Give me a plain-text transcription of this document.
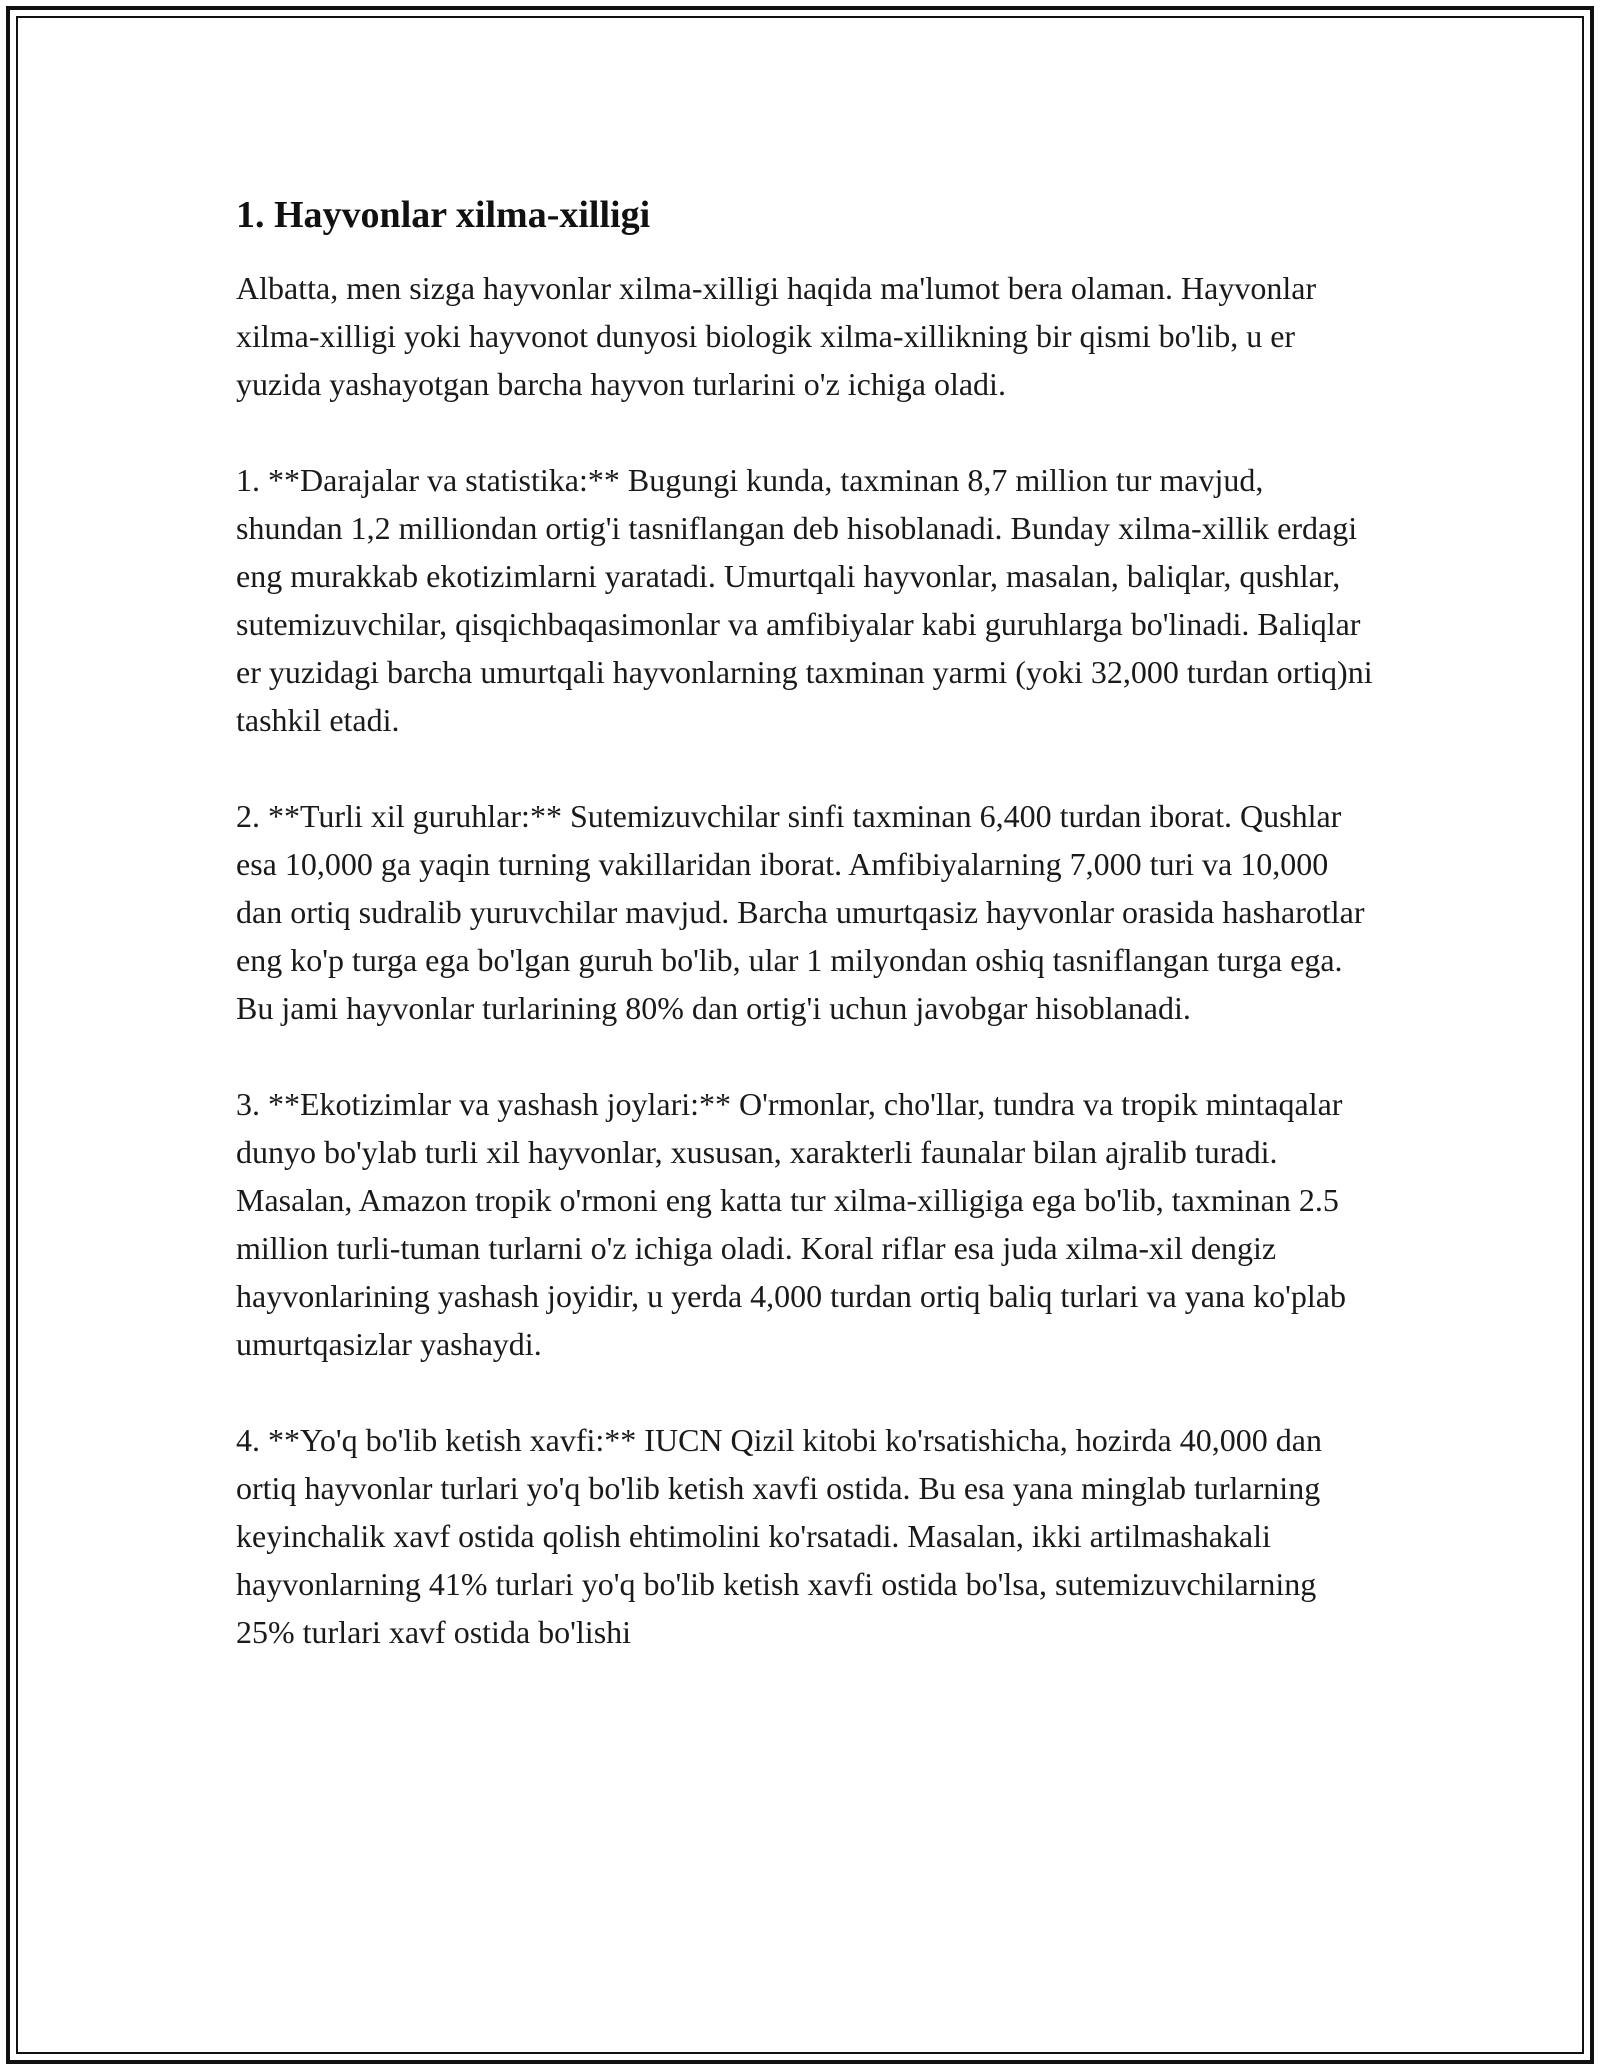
1. Hayvonlar xilma-xilligi

Albatta, men sizga hayvonlar xilma-xilligi haqida ma'lumot bera olaman. Hayvonlar xilma-xilligi yoki hayvonot dunyosi biologik xilma-xillikning bir qismi bo'lib, u er yuzida yashayotgan barcha hayvon turlarini o'z ichiga oladi.

1. **Darajalar va statistika:** Bugungi kunda, taxminan 8,7 million tur mavjud, shundan 1,2 milliondan ortig'i tasniflangan deb hisoblanadi. Bunday xilma-xillik erdagi eng murakkab ekotizimlarni yaratadi. Umurtqali hayvonlar, masalan, baliqlar, qushlar, sutemizuvchilar, qisqichbaqasimonlar va amfibiyalar kabi guruhlarga bo'linadi. Baliqlar er yuzidagi barcha umurtqali hayvonlarning taxminan yarmi (yoki 32,000 turdan ortiq)ni tashkil etadi.

2. **Turli xil guruhlar:** Sutemizuvchilar sinfi taxminan 6,400 turdan iborat. Qushlar esa 10,000 ga yaqin turning vakillaridan iborat. Amfibiyalarning 7,000 turi va 10,000 dan ortiq sudralib yuruvchilar mavjud. Barcha umurtqasiz hayvonlar orasida hasharotlar eng ko'p turga ega bo'lgan guruh bo'lib, ular 1 milyondan oshiq tasniflangan turga ega. Bu jami hayvonlar turlarining 80% dan ortig'i uchun javobgar hisoblanadi.

3. **Ekotizimlar va yashash joylari:** O'rmonlar, cho'llar, tundra va tropik mintaqalar dunyo bo'ylab turli xil hayvonlar, xususan, xarakterli faunalar bilan ajralib turadi. Masalan, Amazon tropik o'rmoni eng katta tur xilma-xilligiga ega bo'lib, taxminan 2.5 million turli-tuman turlarni o'z ichiga oladi. Koral riflar esa juda xilma-xil dengiz hayvonlarining yashash joyidir, u yerda 4,000 turdan ortiq baliq turlari va yana ko'plab umurtqasizlar yashaydi.

4. **Yo'q bo'lib ketish xavfi:** IUCN Qizil kitobi ko'rsatishicha, hozirda 40,000 dan ortiq hayvonlar turlari yo'q bo'lib ketish xavfi ostida. Bu esa yana minglab turlarning keyinchalik xavf ostida qolish ehtimolini ko'rsatadi. Masalan, ikki artilmashakali hayvonlarning 41% turlari yo'q bo'lib ketish xavfi ostida bo'lsa, sutemizuvchilarning 25% turlari xavf ostida bo'lishi
